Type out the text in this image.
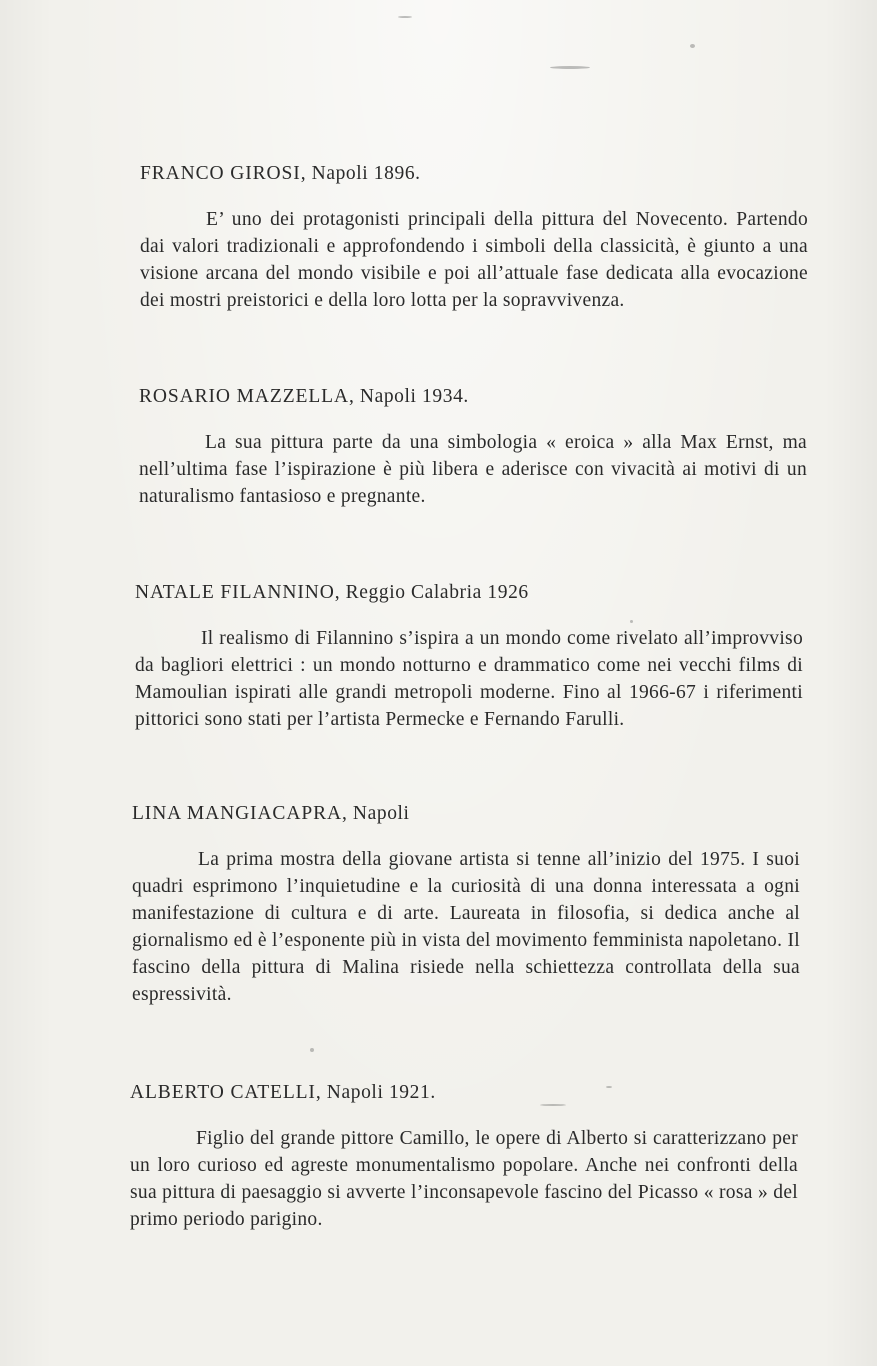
FRANCO GIROSI, Napoli 1896.

E’ uno dei protagonisti principali della pittura del Novecento. Partendo dai valori tradizionali e approfondendo i simboli della classicità, è giunto a una visione arcana del mondo visibile e poi all’attuale fase dedicata alla evocazione dei mostri preistorici e della loro lotta per la sopravvivenza.

ROSARIO MAZZELLA, Napoli 1934.

La sua pittura parte da una simbologia « eroica » alla Max Ernst, ma nell’ultima fase l’ispirazione è più libera e aderisce con vivacità ai motivi di un naturalismo fantasioso e pregnante.

NATALE FILANNINO, Reggio Calabria 1926

Il realismo di Filannino s’ispira a un mondo come rivelato all’improvviso da bagliori elettrici : un mondo notturno e drammatico come nei vecchi films di Mamoulian ispirati alle grandi metropoli moderne. Fino al 1966-67 i riferimenti pittorici sono stati per l’artista Permecke e Fernando Farulli.

LINA MANGIACAPRA, Napoli

La prima mostra della giovane artista si tenne all’inizio del 1975. I suoi quadri esprimono l’inquietudine e la curiosità di una donna interessata a ogni manifestazione di cultura e di arte. Laureata in filosofia, si dedica anche al giornalismo ed è l’esponente più in vista del movimento femminista napoletano. Il fascino della pittura di Malina risiede nella schiettezza controllata della sua espressività.

ALBERTO CATELLI, Napoli 1921.

Figlio del grande pittore Camillo, le opere di Alberto si caratterizzano per un loro curioso ed agreste monumentalismo popolare. Anche nei confronti della sua pittura di paesaggio si avverte l’inconsapevole fascino del Picasso « rosa » del primo periodo parigino.
